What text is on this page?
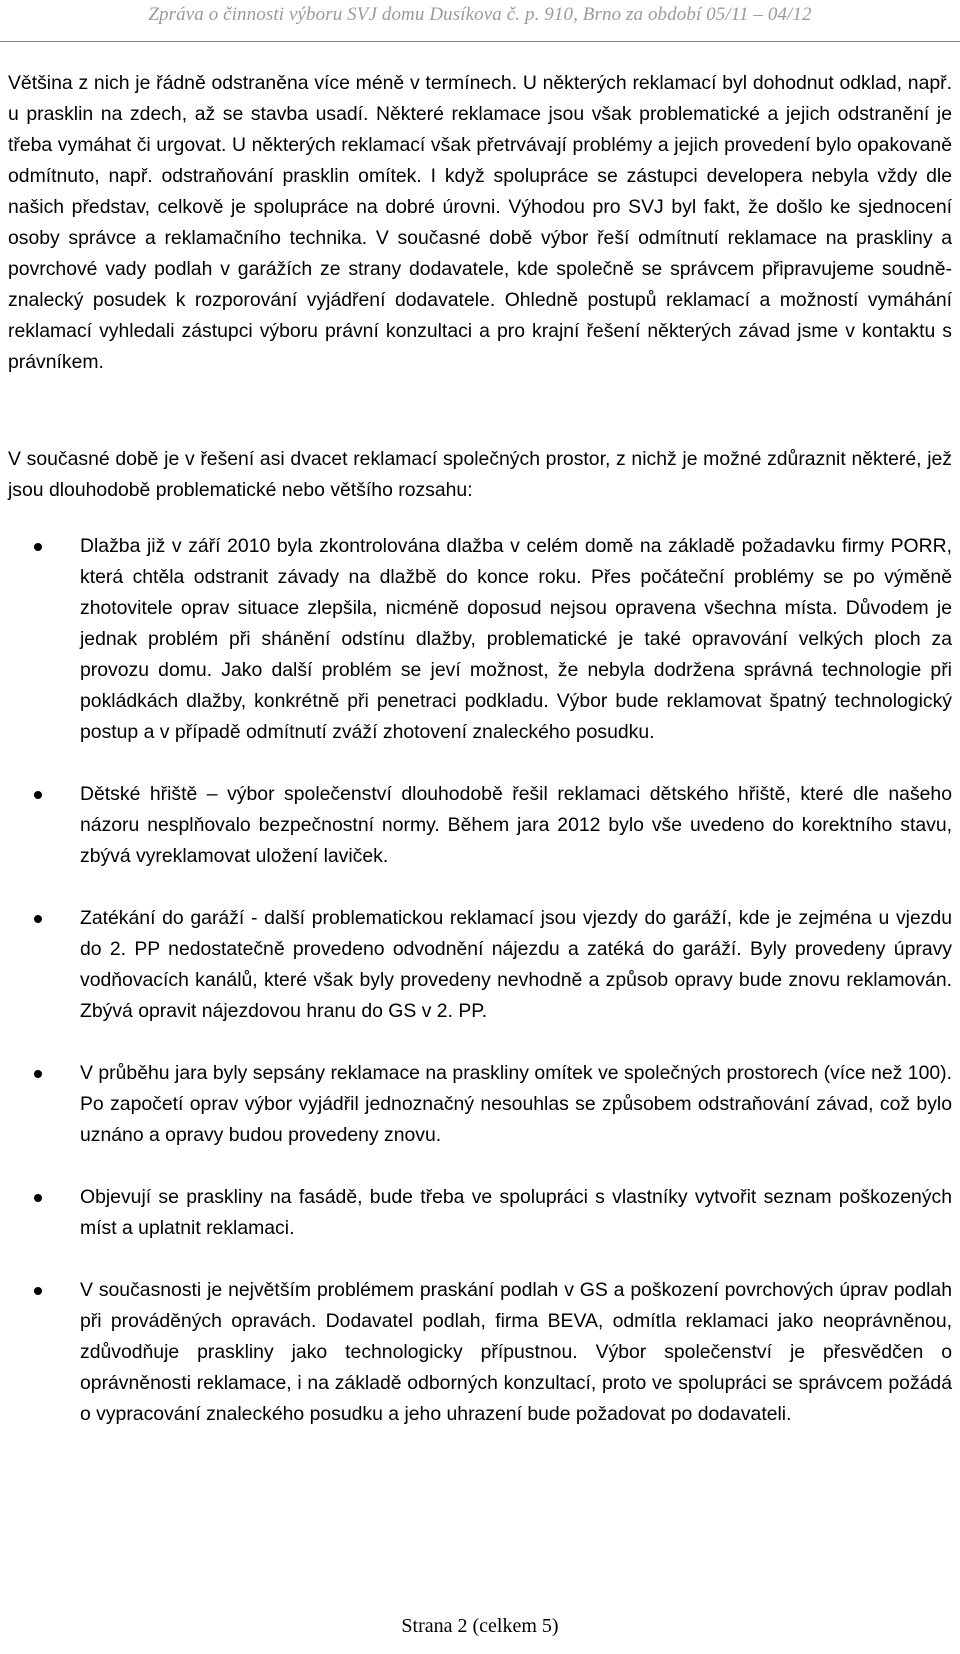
Zpráva o činnosti výboru SVJ domu Dusíkova č. p. 910, Brno za období 05/11 – 04/12

Většina z nich je řádně odstraněna více méně v termínech. U některých reklamací byl dohodnut odklad, např. u prasklin na zdech, až se stavba usadí. Některé reklamace jsou však problematické a jejich odstranění je třeba vymáhat či urgovat. U některých reklamací však přetrvávají problémy a jejich provedení bylo opakovaně odmítnuto, např. odstraňování prasklin omítek. I když spolupráce se zástupci developera nebyla vždy dle našich představ, celkově je spolupráce na dobré úrovni. Výhodou pro SVJ byl fakt, že došlo ke sjednocení osoby správce a reklamačního technika. V současné době výbor řeší odmítnutí reklamace na praskliny a povrchové vady podlah v garážích ze strany dodavatele, kde společně se správcem připravujeme soudně-znalecký posudek k rozporování vyjádření dodavatele. Ohledně postupů reklamací a možností vymáhání reklamací vyhledali zástupci výboru právní konzultaci a pro krajní řešení některých závad jsme v kontaktu s právníkem.

V současné době je v řešení asi dvacet reklamací společných prostor, z nichž je možné zdůraznit některé, jež jsou dlouhodobě problematické nebo většího rozsahu:

Dlažba již v září 2010 byla zkontrolována dlažba v celém domě na základě požadavku firmy PORR, která chtěla odstranit závady na dlažbě do konce roku. Přes počáteční problémy se po výměně zhotovitele oprav situace zlepšila, nicméně doposud nejsou opravena všechna místa. Důvodem je jednak problém při shánění odstínu dlažby, problematické je také opravování velkých ploch za provozu domu. Jako další problém se jeví možnost, že nebyla dodržena správná technologie při pokládkách dlažby, konkrétně při penetraci podkladu. Výbor bude reklamovat špatný technologický postup a v případě odmítnutí zváží zhotovení znaleckého posudku.
Dětské hřiště – výbor společenství dlouhodobě řešil reklamaci dětského hřiště, které dle našeho názoru nesplňovalo bezpečnostní normy. Během jara 2012 bylo vše uvedeno do korektního stavu, zbývá vyreklamovat uložení laviček.
Zatékání do garáží - další problematickou reklamací jsou vjezdy do garáží, kde je zejména u vjezdu do 2. PP nedostatečně provedeno odvodnění nájezdu a zatéká do garáží. Byly provedeny úpravy vodňovacích kanálů, které však byly provedeny nevhodně a způsob opravy bude znovu reklamován. Zbývá opravit nájezdovou hranu do GS v 2. PP.
V průběhu jara byly sepsány reklamace na praskliny omítek ve společných prostorech (více než 100). Po započetí oprav výbor vyjádřil jednoznačný nesouhlas se způsobem odstraňování závad, což bylo uznáno a opravy budou provedeny znovu.
Objevují se praskliny na fasádě, bude třeba ve spolupráci s vlastníky vytvořit seznam poškozených míst a uplatnit reklamaci.
V současnosti je největším problémem praskání podlah v GS a poškození povrchových úprav podlah při prováděných opravách. Dodavatel podlah, firma BEVA, odmítla reklamaci jako neoprávněnou, zdůvodňuje praskliny jako technologicky přípustnou. Výbor společenství je přesvědčen o oprávněnosti reklamace, i na základě odborných konzultací, proto ve spolupráci se správcem požádá o vypracování znaleckého posudku a jeho uhrazení bude požadovat po dodavateli.
Strana 2 (celkem 5)
